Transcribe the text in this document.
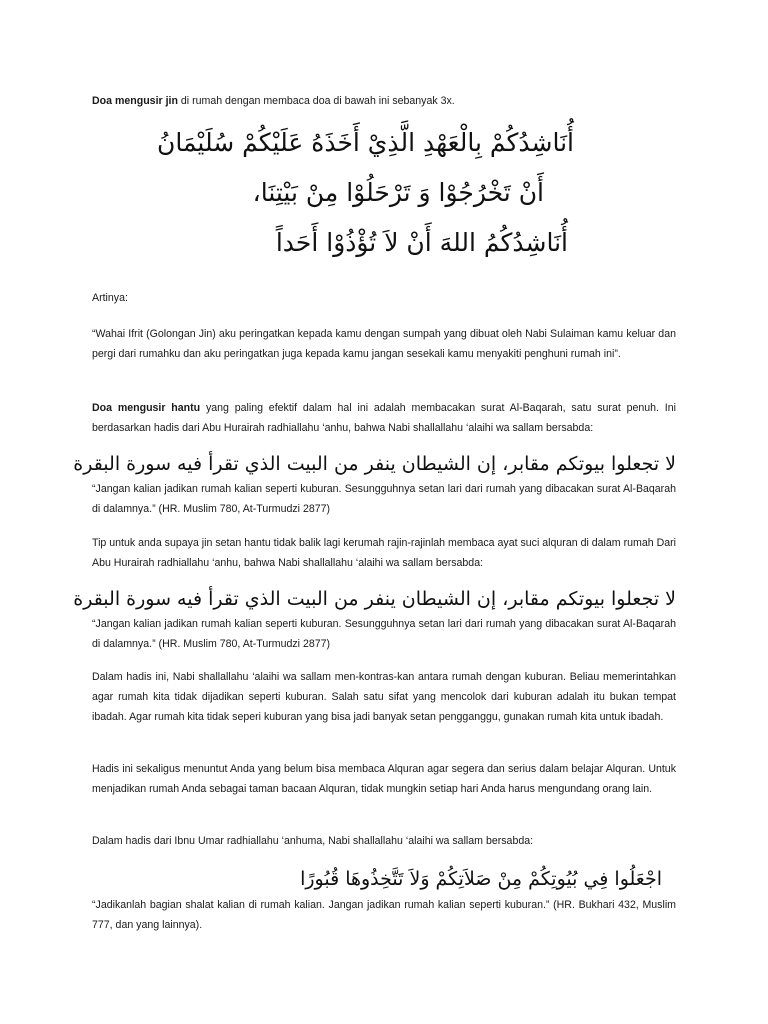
Doa mengusir jin di rumah dengan membaca doa di bawah ini sebanyak 3x.

أُنَاشِدُكُمْ بِالْعَهْدِ الَّذِيْ أَخَذَهُ عَلَيْكُمْ سُلَيْمَانُ
أَنْ تَخْرُجُوْا وَ تَرْحَلُوْا مِنْ بَيْتِنَا،
أُنَاشِدُكُمُ اللهَ أَنْ لاَ تُؤْذُوْا أَحَداً

Artinya:

“Wahai Ifrit (Golongan Jin) aku peringatkan kepada kamu dengan sumpah yang dibuat oleh Nabi Sulaiman kamu keluar dan pergi dari rumahku dan aku peringatkan juga kepada kamu jangan sesekali kamu menyakiti penghuni rumah ini”.

Doa mengusir hantu yang paling efektif dalam hal ini adalah membacakan surat Al-Baqarah, satu surat penuh. Ini berdasarkan hadis dari Abu Hurairah radhiallahu ‘anhu, bahwa Nabi shallallahu ‘alaihi wa sallam bersabda:

لا تجعلوا بيوتكم مقابر، إن الشيطان ينفر من البيت الذي تقرأ فيه سورة البقرة

“Jangan kalian jadikan rumah kalian seperti kuburan. Sesungguhnya setan lari dari rumah yang dibacakan surat Al-Baqarah di dalamnya.” (HR. Muslim 780, At-Turmudzi 2877)

Tip untuk anda supaya jin setan hantu tidak balik lagi kerumah rajin-rajinlah membaca ayat suci alquran di dalam rumah Dari Abu Hurairah radhiallahu ‘anhu, bahwa Nabi shallallahu ‘alaihi wa sallam bersabda:

لا تجعلوا بيوتكم مقابر، إن الشيطان ينفر من البيت الذي تقرأ فيه سورة البقرة

“Jangan kalian jadikan rumah kalian seperti kuburan. Sesungguhnya setan lari dari rumah yang dibacakan surat Al-Baqarah di dalamnya.” (HR. Muslim 780, At-Turmudzi 2877)

Dalam hadis ini, Nabi shallallahu ‘alaihi wa sallam men-kontras-kan antara rumah dengan kuburan. Beliau memerintahkan agar rumah kita tidak dijadikan seperti kuburan. Salah satu sifat yang mencolok dari kuburan adalah itu bukan tempat ibadah. Agar rumah kita tidak seperi kuburan yang bisa jadi banyak setan pengganggu, gunakan rumah kita untuk ibadah.

Hadis ini sekaligus menuntut Anda yang belum bisa membaca Alquran agar segera dan serius dalam belajar Alquran. Untuk menjadikan rumah Anda sebagai taman bacaan Alquran, tidak mungkin setiap hari Anda harus mengundang orang lain.

Dalam hadis dari Ibnu Umar radhiallahu ‘anhuma, Nabi shallallahu ‘alaihi wa sallam bersabda:

اجْعَلُوا فِي بُيُوتِكُمْ مِنْ صَلاَتِكُمْ وَلاَ تَتَّخِذُوهَا قُبُورًا

“Jadikanlah bagian shalat kalian di rumah kalian. Jangan jadikan rumah kalian seperti kuburan.” (HR. Bukhari 432, Muslim 777, dan yang lainnya).
